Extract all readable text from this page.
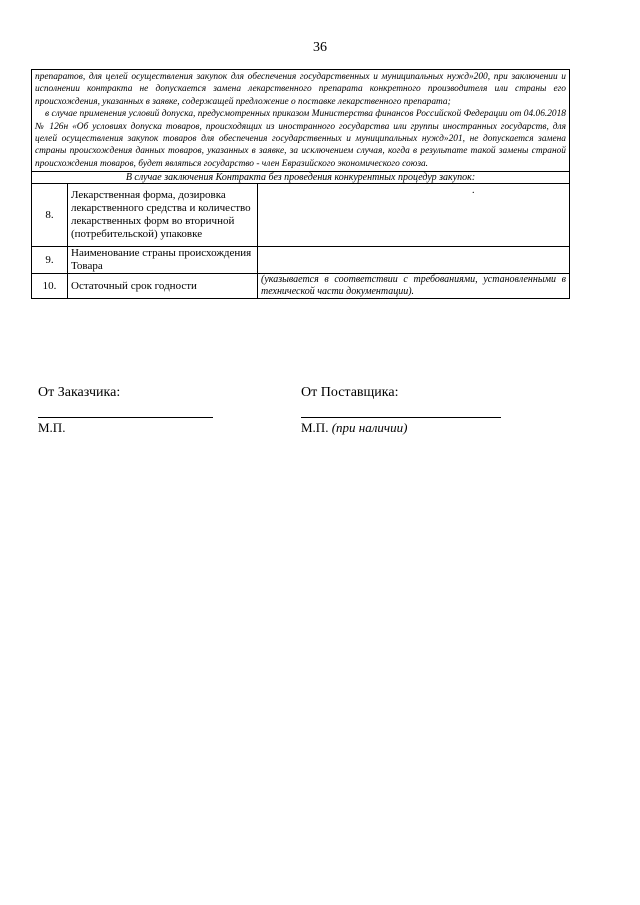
36

препаратов, для целей осуществления закупок для обеспечения государственных и муниципальных нужд»200, при заключении и исполнении контракта не допускается замена лекарственного препарата конкретного производителя или страны его происхождения, указанных в заявке, содержащей предложение о поставке лекарственного препарата;

в случае применения условий допуска, предусмотренных приказом Министерства финансов Российской Федерации от 04.06.2018 № 126н «Об условиях допуска товаров, происходящих из иностранного государства или группы иностранных государств, для целей осуществления закупок товаров для обеспечения государственных и муниципальных нужд»201, не допускается замена страны происхождения данных товаров, указанных в заявке, за исключением случая, когда в результате такой замены страной происхождения товаров, будет являться государство - член Евразийского экономического союза.		

В случае заключения Контракта без проведения конкурентных процедур закупок:		
8.	Лекарственная форма, дозировка лекарственного средства и количество лекарственных форм во вторичной (потребительской) упаковке	.

9.	Наименование страны происхождения Товара	
10.	Остаточный срок годности	(указывается в соответствии с требованиями, установленными в технической части документации).
От Заказчика:
М.П.
От Поставщика:
М.П. (при наличии)
